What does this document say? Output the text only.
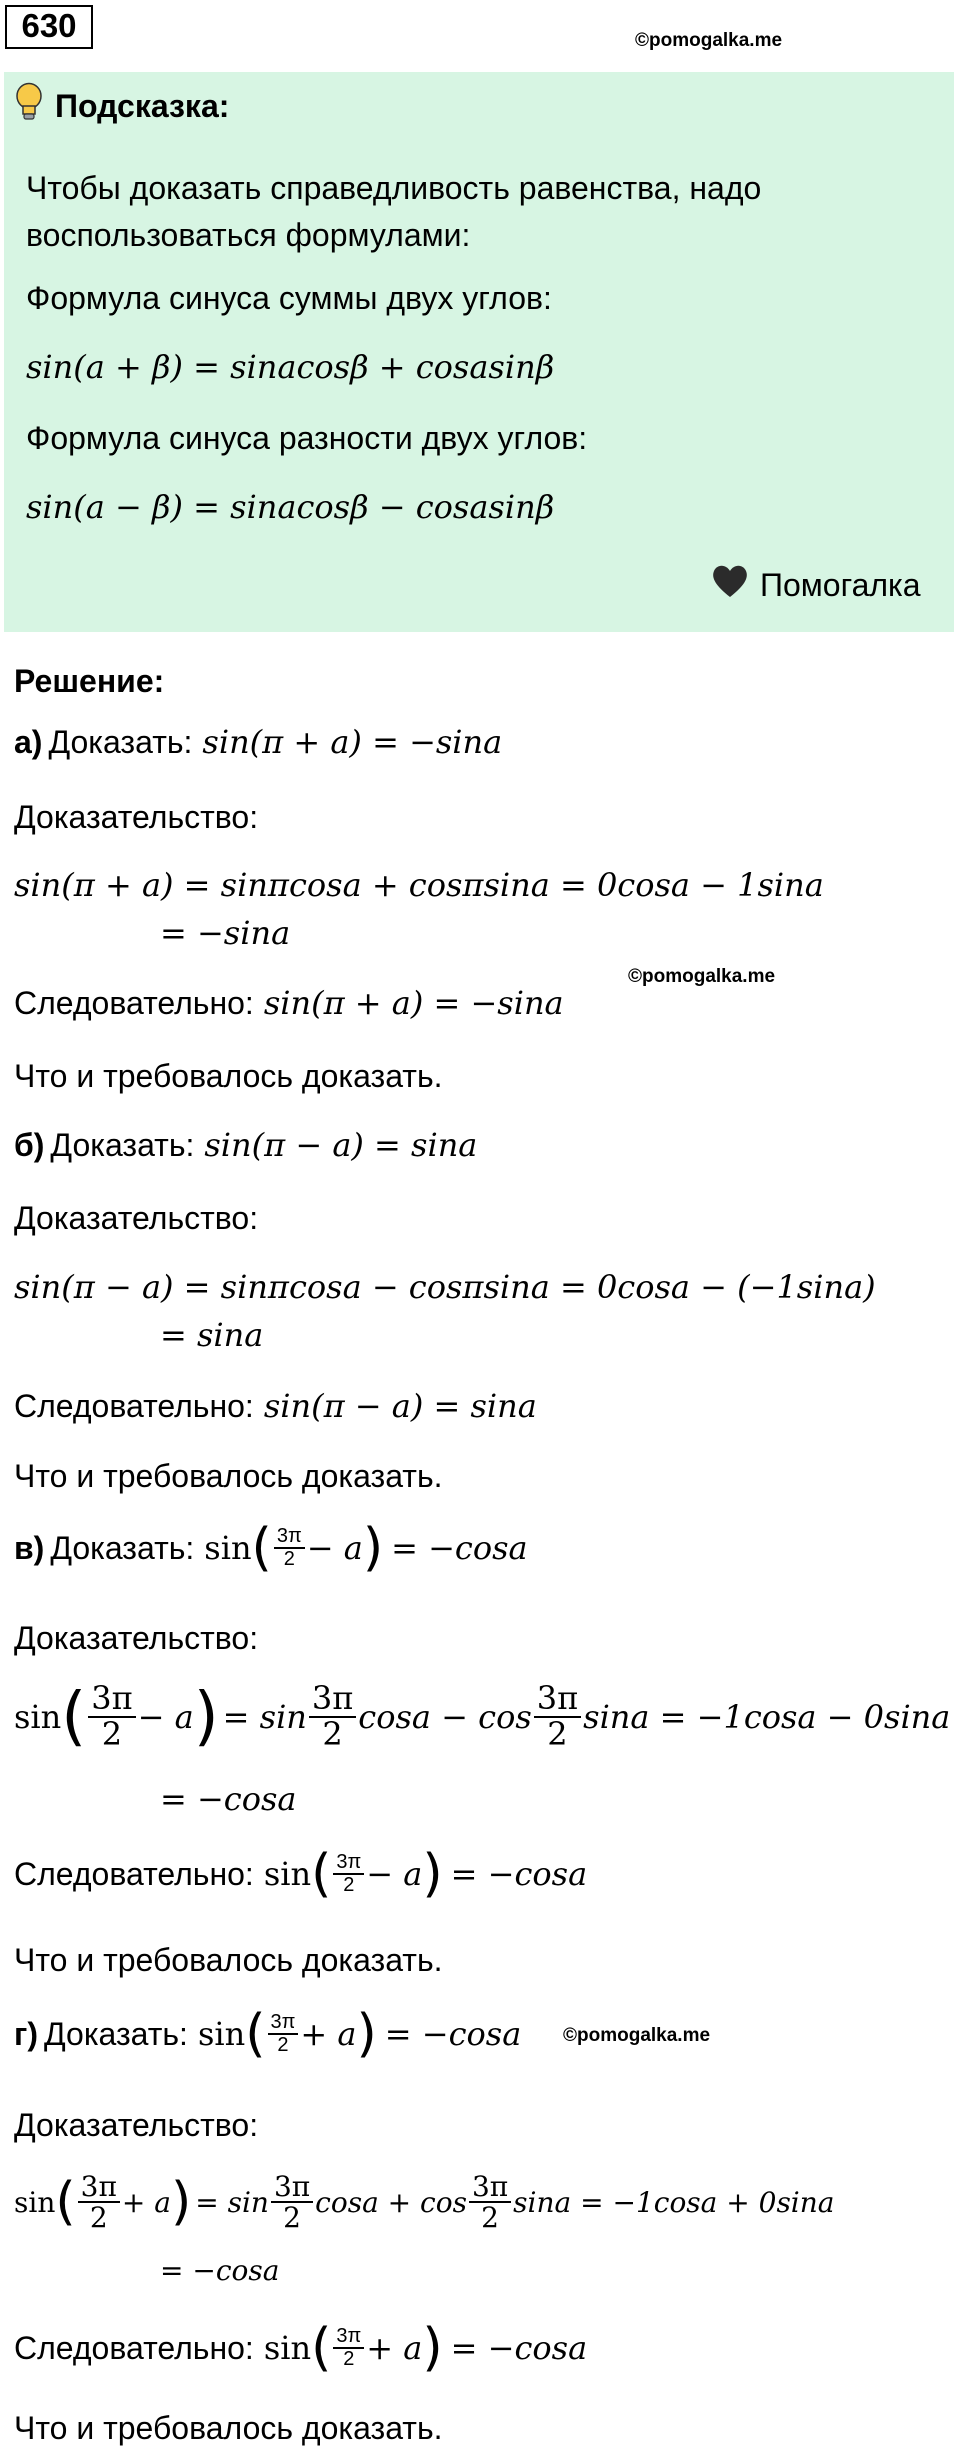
630	©pomogalka.me
Подсказка:
Чтобы доказать справедливость равенства, надо
воспользоваться формулами:
Формула синуса суммы двух углов:
sin(a + β) = sinacosβ + cosasinβ
Формула синуса разности двух углов:
sin(a − β) = sinacosβ − cosasinβ
Помогалка
Решение:
а) Доказать: sin(π + a) = −sina
Доказательство:
sin(π + a) = sinπcosa + cosπsina = 0cosa − 1sina
= −sina
©pomogalka.me
Следовательно: sin(π + a) = −sina
Что и требовалось доказать.
б) Доказать: sin(π − a) = sina
Доказательство:
sin(π − a) = sinπcosa − cosπsina = 0cosa − (−1sina)
= sina
Следовательно: sin(π − a) = sina
Что и требовалось доказать.
в) Доказать: sin ( $\frac{3\pi}{2} - a$ ) = −cosa
Доказательство:
sin ( $\frac{3\pi}{2} - a$ ) = $\sin \frac{3\pi}{2}$ $\cos a - \cos \frac{3\pi}{2}$ sina = −1cosa − 0sina
= −cosa
Следовательно: sin ( $\frac{3\pi}{2} - a$ ) = −cosa
Что и требовалось доказать.
©pomogalka.me
г) Доказать: sin ( $\frac{3\pi}{2} + a$ ) = −cosa
Доказательство:
sin ( $\frac{3\pi}{2} + a$ ) = $\sin \frac{3\pi}{2}$ $\cos a + \cos \frac{3\pi}{2}$ sina = −1cosa + 0sina
= −cosa
Следовательно: sin ( $\frac{3\pi}{2} + a$ ) = −cosa
Что и требовалось доказать.
